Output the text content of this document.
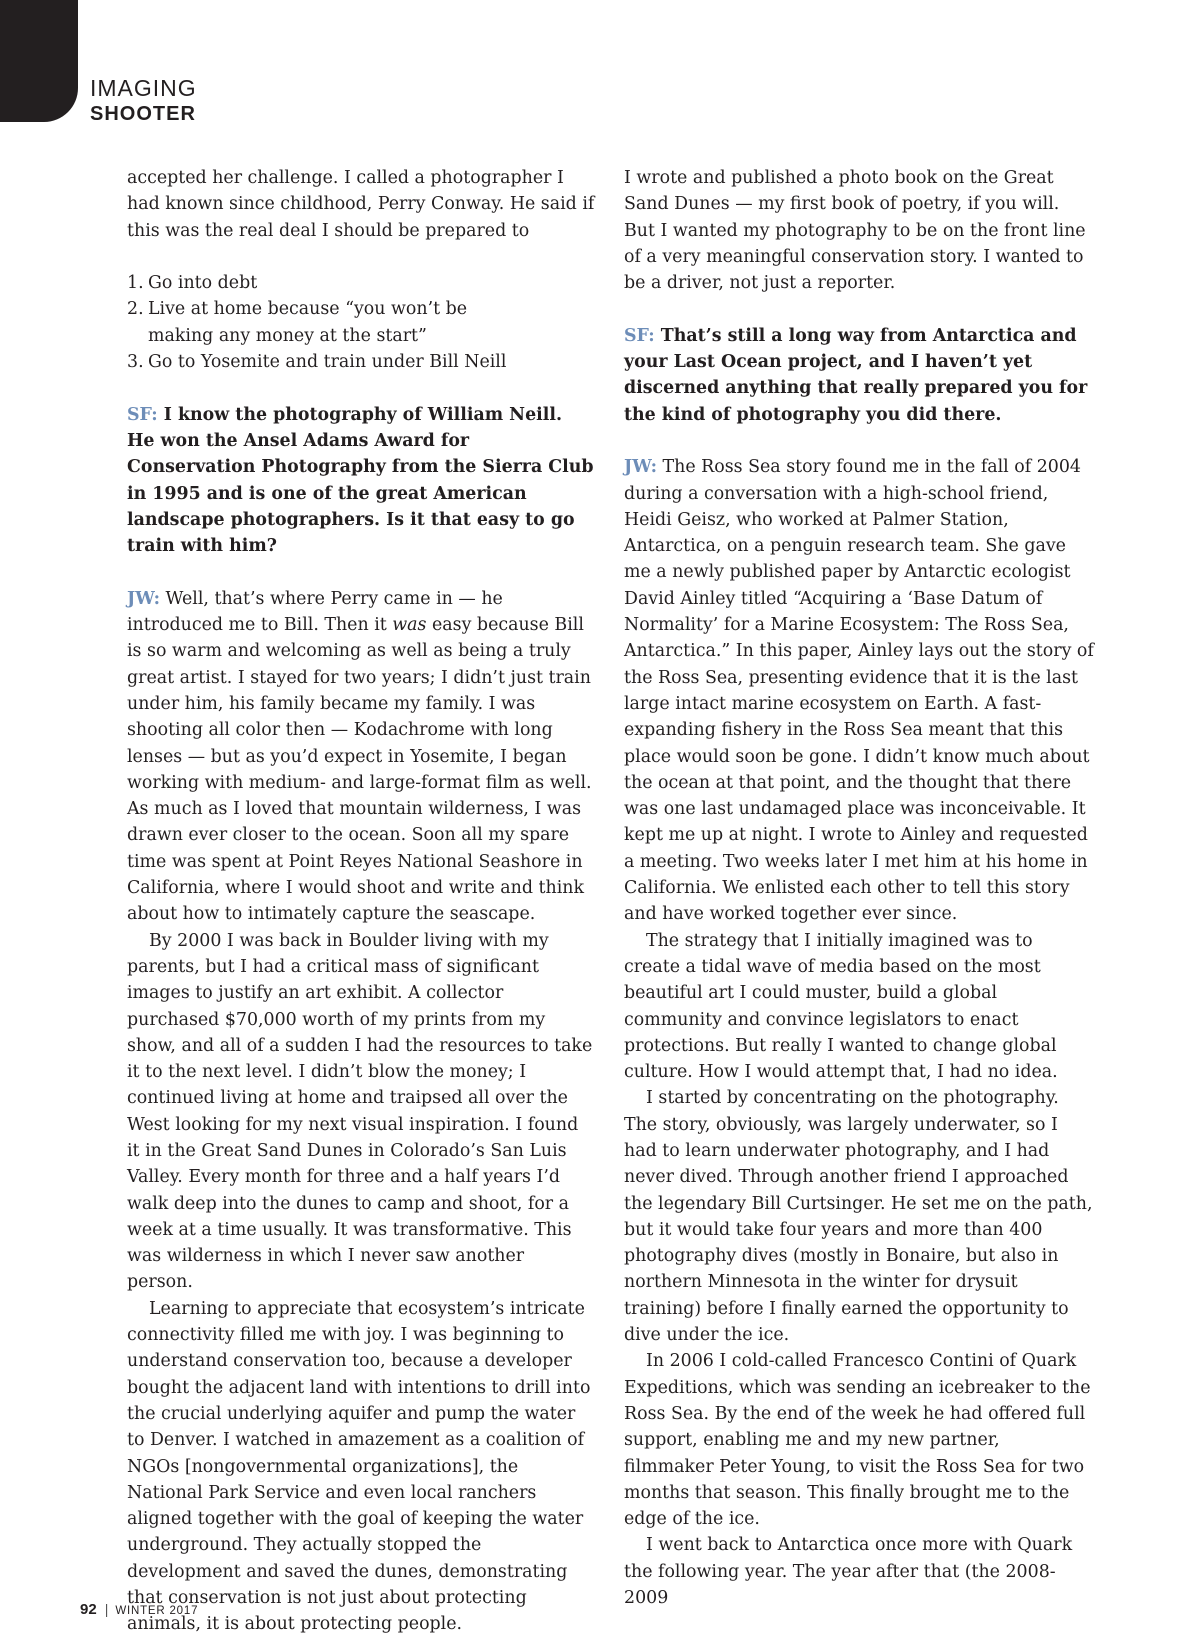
IMAGING
SHOOTER

accepted her challenge. I called a photographer I had known since childhood, Perry Conway. He said if this was the real deal I should be prepared to

1. Go into debt
2. Live at home because “you won’t be making any money at the start”
3. Go to Yosemite and train under Bill Neill

SF: I know the photography of William Neill. He won the Ansel Adams Award for Conservation Photography from the Sierra Club in 1995 and is one of the great American landscape photographers. Is it that easy to go train with him?

JW: Well, that’s where Perry came in — he introduced me to Bill. Then it was easy because Bill is so warm and welcoming as well as being a truly great artist. I stayed for two years; I didn’t just train under him, his family became my family. I was shooting all color then — Kodachrome with long lenses — but as you’d expect in Yosemite, I began working with medium- and large-format film as well. As much as I loved that mountain wilderness, I was drawn ever closer to the ocean. Soon all my spare time was spent at Point Reyes National Seashore in California, where I would shoot and write and think about how to intimately capture the seascape.

By 2000 I was back in Boulder living with my parents, but I had a critical mass of significant images to justify an art exhibit. A collector purchased $70,000 worth of my prints from my show, and all of a sudden I had the resources to take it to the next level. I didn’t blow the money; I continued living at home and traipsed all over the West looking for my next visual inspiration. I found it in the Great Sand Dunes in Colorado’s San Luis Valley. Every month for three and a half years I’d walk deep into the dunes to camp and shoot, for a week at a time usually. It was transformative. This was wilderness in which I never saw another person.

Learning to appreciate that ecosystem’s intricate connectivity filled me with joy. I was beginning to understand conservation too, because a developer bought the adjacent land with intentions to drill into the crucial underlying aquifer and pump the water to Denver. I watched in amazement as a coalition of NGOs [nongovernmental organizations], the National Park Service and even local ranchers aligned together with the goal of keeping the water underground. They actually stopped the development and saved the dunes, demonstrating that conservation is not just about protecting animals, it is about protecting people.

I wrote and published a photo book on the Great Sand Dunes — my first book of poetry, if you will. But I wanted my photography to be on the front line of a very meaningful conservation story. I wanted to be a driver, not just a reporter.

SF: That’s still a long way from Antarctica and your Last Ocean project, and I haven’t yet discerned anything that really prepared you for the kind of photography you did there.

JW: The Ross Sea story found me in the fall of 2004 during a conversation with a high-school friend, Heidi Geisz, who worked at Palmer Station, Antarctica, on a penguin research team. She gave me a newly published paper by Antarctic ecologist David Ainley titled “Acquiring a ‘Base Datum of Normality’ for a Marine Ecosystem: The Ross Sea, Antarctica.” In this paper, Ainley lays out the story of the Ross Sea, presenting evidence that it is the last large intact marine ecosystem on Earth. A fast-expanding fishery in the Ross Sea meant that this place would soon be gone. I didn’t know much about the ocean at that point, and the thought that there was one last undamaged place was inconceivable. It kept me up at night. I wrote to Ainley and requested a meeting. Two weeks later I met him at his home in California. We enlisted each other to tell this story and have worked together ever since.

The strategy that I initially imagined was to create a tidal wave of media based on the most beautiful art I could muster, build a global community and convince legislators to enact protections. But really I wanted to change global culture. How I would attempt that, I had no idea.

I started by concentrating on the photography. The story, obviously, was largely underwater, so I had to learn underwater photography, and I had never dived. Through another friend I approached the legendary Bill Curtsinger. He set me on the path, but it would take four years and more than 400 photography dives (mostly in Bonaire, but also in northern Minnesota in the winter for drysuit training) before I finally earned the opportunity to dive under the ice.

In 2006 I cold-called Francesco Contini of Quark Expeditions, which was sending an icebreaker to the Ross Sea. By the end of the week he had offered full support, enabling me and my new partner, filmmaker Peter Young, to visit the Ross Sea for two months that season. This finally brought me to the edge of the ice.

I went back to Antarctica once more with Quark the following year. The year after that (the 2008-2009

92 | WINTER 2017
